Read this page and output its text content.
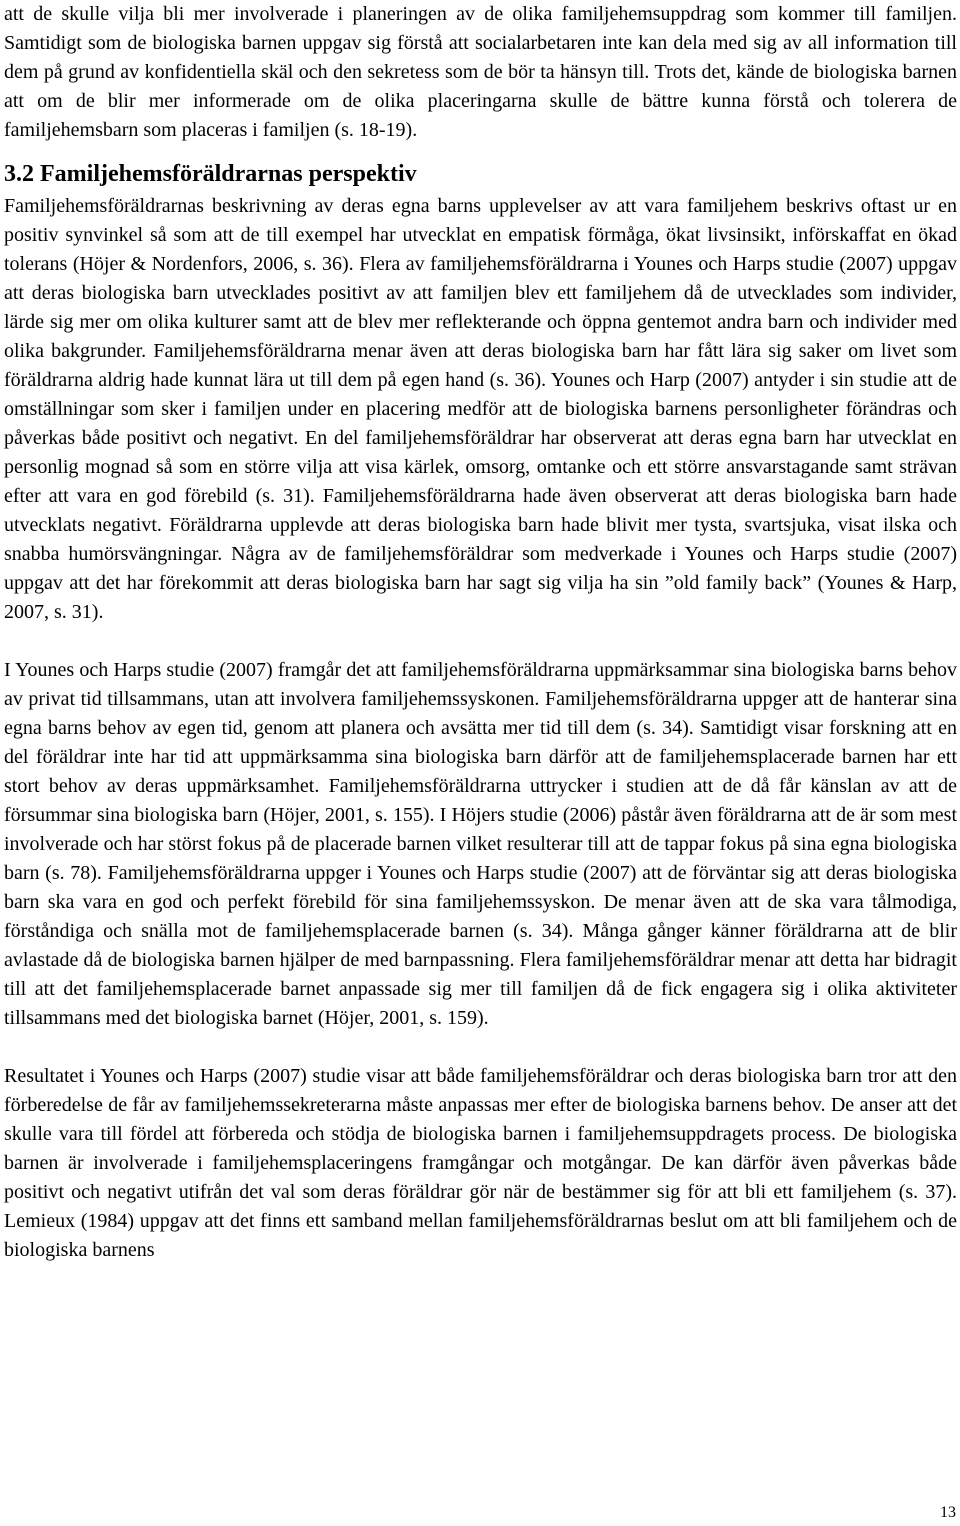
att de skulle vilja bli mer involverade i planeringen av de olika familjehemsuppdrag som kommer till familjen. Samtidigt som de biologiska barnen uppgav sig förstå att socialarbetaren inte kan dela med sig av all information till dem på grund av konfidentiella skäl och den sekretess som de bör ta hänsyn till. Trots det, kände de biologiska barnen att om de blir mer informerade om de olika placeringarna skulle de bättre kunna förstå och tolerera de familjehemsbarn som placeras i familjen (s. 18-19).

3.2 Familjehemsföräldrarnas perspektiv

Familjehemsföräldrarnas beskrivning av deras egna barns upplevelser av att vara familjehem beskrivs oftast ur en positiv synvinkel så som att de till exempel har utvecklat en empatisk förmåga, ökat livsinsikt, införskaffat en ökad tolerans (Höjer & Nordenfors, 2006, s. 36). Flera av familjehemsföräldrarna i Younes och Harps studie (2007) uppgav att deras biologiska barn utvecklades positivt av att familjen blev ett familjehem då de utvecklades som individer, lärde sig mer om olika kulturer samt att de blev mer reflekterande och öppna gentemot andra barn och individer med olika bakgrunder. Familjehemsföräldrarna menar även att deras biologiska barn har fått lära sig saker om livet som föräldrarna aldrig hade kunnat lära ut till dem på egen hand (s. 36). Younes och Harp (2007) antyder i sin studie att de omställningar som sker i familjen under en placering medför att de biologiska barnens personligheter förändras och påverkas både positivt och negativt. En del familjehemsföräldrar har observerat att deras egna barn har utvecklat en personlig mognad så som en större vilja att visa kärlek, omsorg, omtanke och ett större ansvarstagande samt strävan efter att vara en god förebild (s. 31). Familjehemsföräldrarna hade även observerat att deras biologiska barn hade utvecklats negativt. Föräldrarna upplevde att deras biologiska barn hade blivit mer tysta, svartsjuka, visat ilska och snabba humörsvängningar. Några av de familjehemsföräldrar som medverkade i Younes och Harps studie (2007) uppgav att det har förekommit att deras biologiska barn har sagt sig vilja ha sin ”old family back” (Younes & Harp, 2007, s. 31).

I Younes och Harps studie (2007) framgår det att familjehemsföräldrarna uppmärksammar sina biologiska barns behov av privat tid tillsammans, utan att involvera familjehemssyskonen. Familjehemsföräldrarna uppger att de hanterar sina egna barns behov av egen tid, genom att planera och avsätta mer tid till dem (s. 34). Samtidigt visar forskning att en del föräldrar inte har tid att uppmärksamma sina biologiska barn därför att de familjehemsplacerade barnen har ett stort behov av deras uppmärksamhet. Familjehemsföräldrarna uttrycker i studien att de då får känslan av att de försummar sina biologiska barn (Höjer, 2001, s. 155). I Höjers studie (2006) påstår även föräldrarna att de är som mest involverade och har störst fokus på de placerade barnen vilket resulterar till att de tappar fokus på sina egna biologiska barn (s. 78). Familjehemsföräldrarna uppger i Younes och Harps studie (2007) att de förväntar sig att deras biologiska barn ska vara en god och perfekt förebild för sina familjehemssyskon. De menar även att de ska vara tålmodiga, förståndiga och snälla mot de familjehemsplacerade barnen (s. 34). Många gånger känner föräldrarna att de blir avlastade då de biologiska barnen hjälper de med barnpassning. Flera familjehemsföräldrar menar att detta har bidragit till att det familjehemsplacerade barnet anpassade sig mer till familjen då de fick engagera sig i olika aktiviteter tillsammans med det biologiska barnet (Höjer, 2001, s. 159).

Resultatet i Younes och Harps (2007) studie visar att både familjehemsföräldrar och deras biologiska barn tror att den förberedelse de får av familjehemssekreterarna måste anpassas mer efter de biologiska barnens behov. De anser att det skulle vara till fördel att förbereda och stödja de biologiska barnen i familjehemsuppdragets process. De biologiska barnen är involverade i familjehemsplaceringens framgångar och motgångar. De kan därför även påverkas både positivt och negativt utifrån det val som deras föräldrar gör när de bestämmer sig för att bli ett familjehem (s. 37). Lemieux (1984) uppgav att det finns ett samband mellan familjehemsföräldrarnas beslut om att bli familjehem och de biologiska barnens

13
